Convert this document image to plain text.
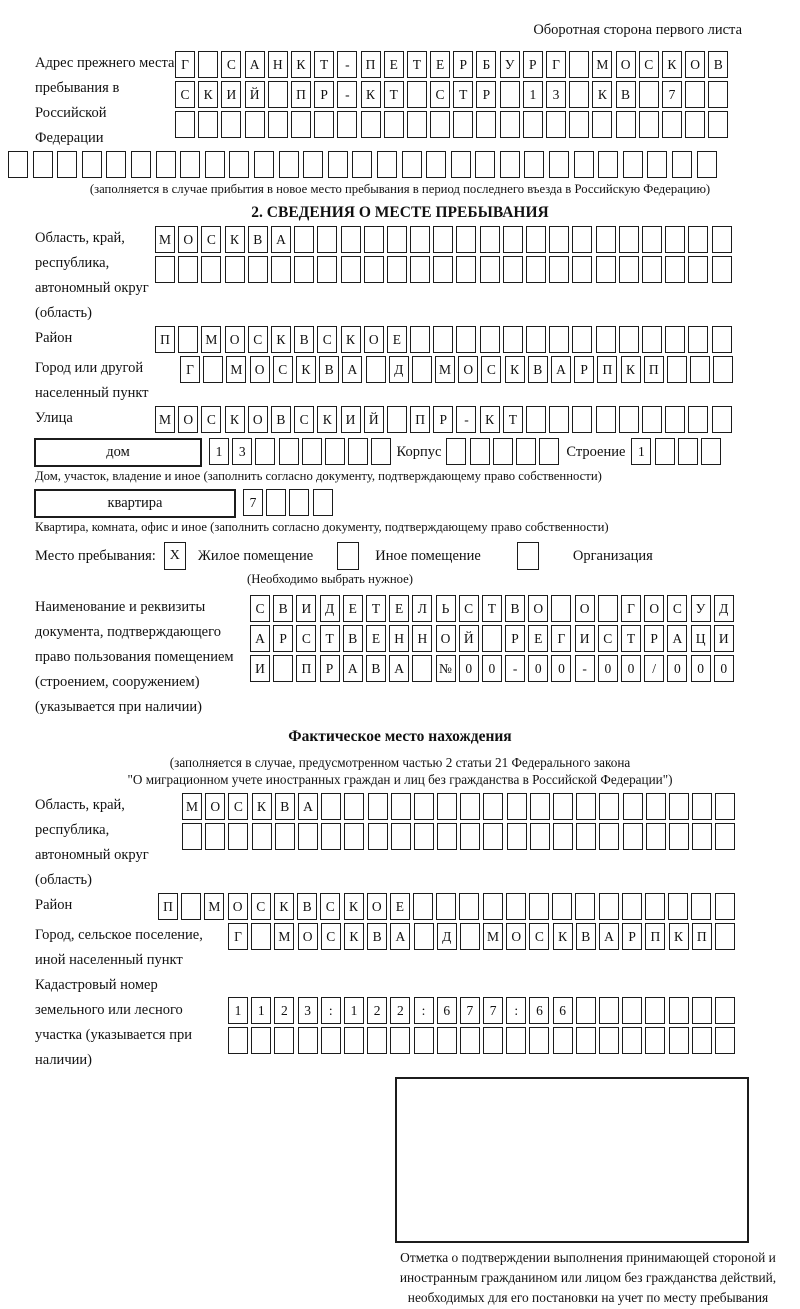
Оборотная сторона первого листа
Адрес прежнего места пребывания в Российской Федерации
Г	С	А Н	К	Т	-	П	Е	Т	Е	Р	Б	У	Р	Г	М О	С	К	О	В
С	К	И Й	П	Р	-	К	Т	С	Т	Р	1	3	К	В	7
(заполняется в случае прибытия в новое место пребывания в период последнего въезда в Российскую Федерацию)
2. СВЕДЕНИЯ О МЕСТЕ ПРЕБЫВАНИЯ
Область, край, республика, автономный округ (область)
М О	С	К	В	А
Район	П	М О	С	К	В	С	К	О	Е
Город или другой населенный пункт
Г	М О	С	К	В	А	Д	М О	С	К	В	А	Р	П	К	П
Улица	М О	С	К	О	В	С	К	И Й	П	Р	-	К	Т
дом	1	3	Корпус	Строение 1
Дом, участок, владение и иное (заполнить согласно документу, подтверждающему право собственности)
квартира	7
Квартира, комната, офис и иное (заполнить согласно документу, подтверждающему право собственности)
Место пребывания: X	Жилое помещение	Иное помещение	Организация
(Необходимо выбрать нужное)
Наименование и реквизиты документа, подтверждающего право пользования помещением (строением, сооружением) (указывается при наличии)
С	В	И	Д	Е	Т	Е	Л	Ь	С	Т	В	О	О	Г	О	С	У	Д
А	Р	С	Т	В	Е	Н Н О Й	Р	Е	Г	И	С	Т	Р	А Ц И
И	П	Р	А	В	А	№ 0	0	-	0	0	-	0	0	/	0	0	0
Фактическое место нахождения
(заполняется в случае, предусмотренном частью 2 статьи 21 Федерального закона
"О миграционном учете иностранных граждан и лиц без гражданства в Российской Федерации")
Область, край, республика, автономный округ (область)
М О	С	К	В	А
Район	П	М О	С	К	В	С	К	О	Е
Город, сельское поселение, иной населенный пункт
Г	М О	С	К	В	А	Д	М О	С	К	В	А	Р	П	К	П
Кадастровый номер земельного или лесного участка (указывается при наличии)
1	1	2	3	:	1	2	2	:	6	7	7	:	6	6
Отметка о подтверждении выполнения принимающей стороной и иностранным гражданином или лицом без гражданства действий, необходимых для его постановки на учет по месту пребывания
